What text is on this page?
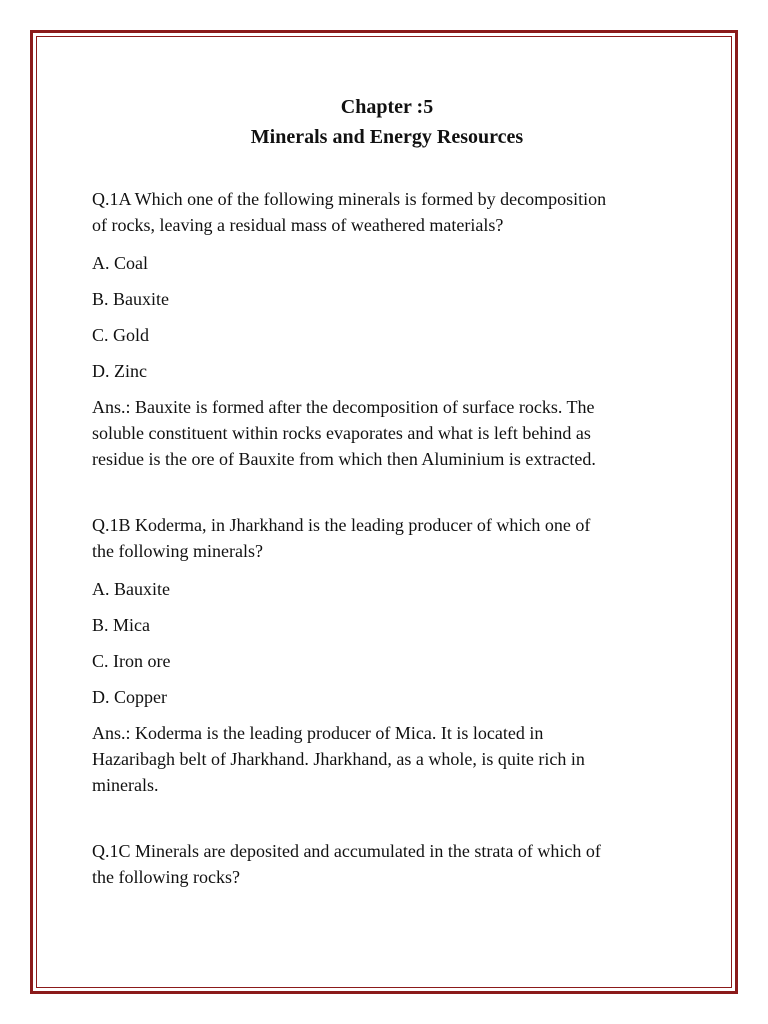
Chapter :5

Minerals and Energy Resources

Q.1A Which one of the following minerals is formed by decomposition
of rocks, leaving a residual mass of weathered materials?

A. Coal

B. Bauxite

C. Gold

D. Zinc

Ans.: Bauxite is formed after the decomposition of surface rocks. The
soluble constituent within rocks evaporates and what is left behind as
residue is the ore of Bauxite from which then Aluminium is extracted.

Q.1B Koderma, in Jharkhand is the leading producer of which one of
the following minerals?

A. Bauxite

B. Mica

C. Iron ore

D. Copper

Ans.: Koderma is the leading producer of Mica. It is located in
Hazaribagh belt of Jharkhand. Jharkhand, as a whole, is quite rich in
minerals.

Q.1C Minerals are deposited and accumulated in the strata of which of
the following rocks?
